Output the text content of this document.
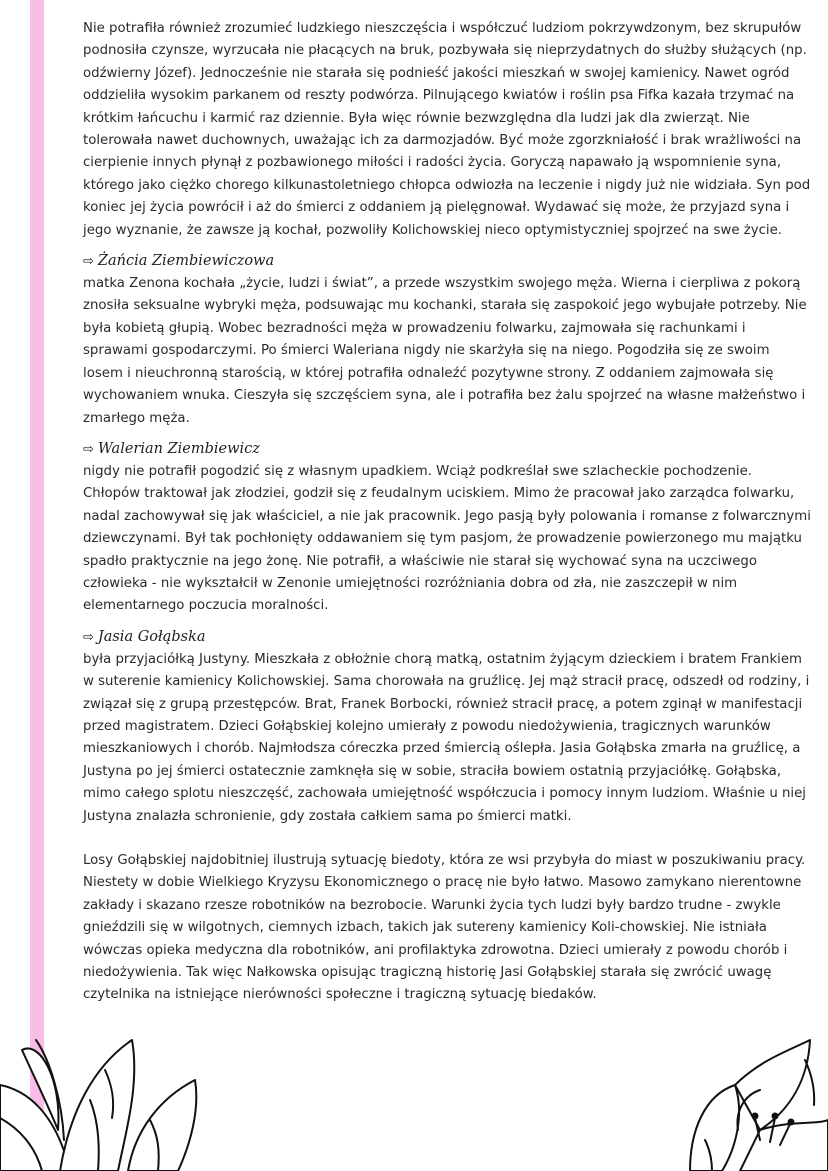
Nie potrafiła również zrozumieć ludzkiego nieszczęścia i współczuć ludziom pokrzywdzonym, bez skrupułów podnosiła czynsze, wyrzucała nie płacących na bruk, pozbywała się nieprzydatnych do służby służących (np. odźwierny Józef). Jednocześnie nie starała się podnieść jakości mieszkań w swojej kamienicy. Nawet ogród oddzieliła wysokim parkanem od reszty podwórza. Pilnującego kwiatów i roślin psa Fifka kazała trzymać na krótkim łańcuchu i karmić raz dziennie. Była więc równie bezwzględna dla ludzi jak dla zwierząt. Nie tolerowała nawet duchownych, uważając ich za darmozjadów. Być może zgorzkniałość i brak wrażliwości na cierpienie innych płynął z pozbawionego miłości i radości życia. Goryczą napawało ją wspomnienie syna, którego jako ciężko chorego kilkunastoletniego chłopca odwiozła na leczenie i nigdy już nie widziała. Syn pod koniec jej życia powrócił i aż do śmierci z oddaniem ją pielęgnował. Wydawać się może, że przyjazd syna i jego wyznanie, że zawsze ją kochał, pozwoliły Kolichowskiej nieco optymistyczniej spojrzeć na swe życie.

⇨ Żańcia Ziembiewiczowa

matka Zenona kochała „życie, ludzi i świat”, a przede wszystkim swojego męża. Wierna i cierpliwa z pokorą znosiła seksualne wybryki męża, podsuwając mu kochanki, starała się zaspokoić jego wybujałe potrzeby. Nie była kobietą głupią. Wobec bezradności męża w prowadzeniu folwarku, zajmowała się rachunkami i sprawami gospodarczymi. Po śmierci Waleriana nigdy nie skarżyła się na niego. Pogodziła się ze swoim losem i nieuchronną starością, w której potrafiła odnaleźć pozytywne strony. Z oddaniem zajmowała się wychowaniem wnuka. Cieszyła się szczęściem syna, ale i potrafiła bez żalu spojrzeć na własne małżeństwo i zmarłego męża.

⇨ Walerian Ziembiewicz

nigdy nie potrafił pogodzić się z własnym upadkiem. Wciąż podkreślał swe szlacheckie pochodzenie. Chłopów traktował jak złodziei, godził się z feudalnym uciskiem. Mimo że pracował jako zarządca folwarku, nadal zachowywał się jak właściciel, a nie jak pracownik. Jego pasją były polowania i romanse z folwarcznymi dziewczynami. Był tak pochłonięty oddawaniem się tym pasjom, że prowadzenie powierzonego mu majątku spadło praktycznie na jego żonę. Nie potrafił, a właściwie nie starał się wychować syna na uczciwego człowieka - nie wykształcił w Zenonie umiejętności rozróżniania dobra od zła, nie zaszczepił w nim elementarnego poczucia moralności.

⇨ Jasia Gołąbska

była przyjaciółką Justyny. Mieszkała z obłożnie chorą matką, ostatnim żyjącym dzieckiem i bratem Frankiem w suterenie kamienicy Kolichowskiej. Sama chorowała na gruźlicę. Jej mąż stracił pracę, odszedł od rodziny, i związał się z grupą przestępców. Brat, Franek Borbocki, również stracił pracę, a potem zginął w manifestacji przed magistratem. Dzieci Gołąbskiej kolejno umierały z powodu niedożywienia, tragicznych warunków mieszkaniowych i chorób. Najmłodsza córeczka przed śmiercią oślepła. Jasia Gołąbska zmarła na gruźlicę, a Justyna po jej śmierci ostatecznie zamknęła się w sobie, straciła bowiem ostatnią przyjaciółkę. Gołąbska, mimo całego splotu nieszczęść, zachowała umiejętność współczucia i pomocy innym ludziom. Właśnie u niej Justyna znalazła schronienie, gdy została całkiem sama po śmierci matki.

Losy Gołąbskiej najdobitniej ilustrują sytuację biedoty, która ze wsi przybyła do miast w poszukiwaniu pracy. Niestety w dobie Wielkiego Kryzysu Ekonomicznego o pracę nie było łatwo. Masowo zamykano nierentowne zakłady i skazano rzesze robotników na bezrobocie. Warunki życia tych ludzi były bardzo trudne - zwykle gnieździli się w wilgotnych, ciemnych izbach, takich jak sutereny kamienicy Koli-chowskiej. Nie istniała wówczas opieka medyczna dla robotników, ani profilaktyka zdrowotna. Dzieci umierały z powodu chorób i niedożywienia. Tak więc Nałkowska opisując tragiczną historię Jasi Gołąbskiej starała się zwrócić uwagę czytelnika na istniejące nierówności społeczne i tragiczną sytuację biedaków.
